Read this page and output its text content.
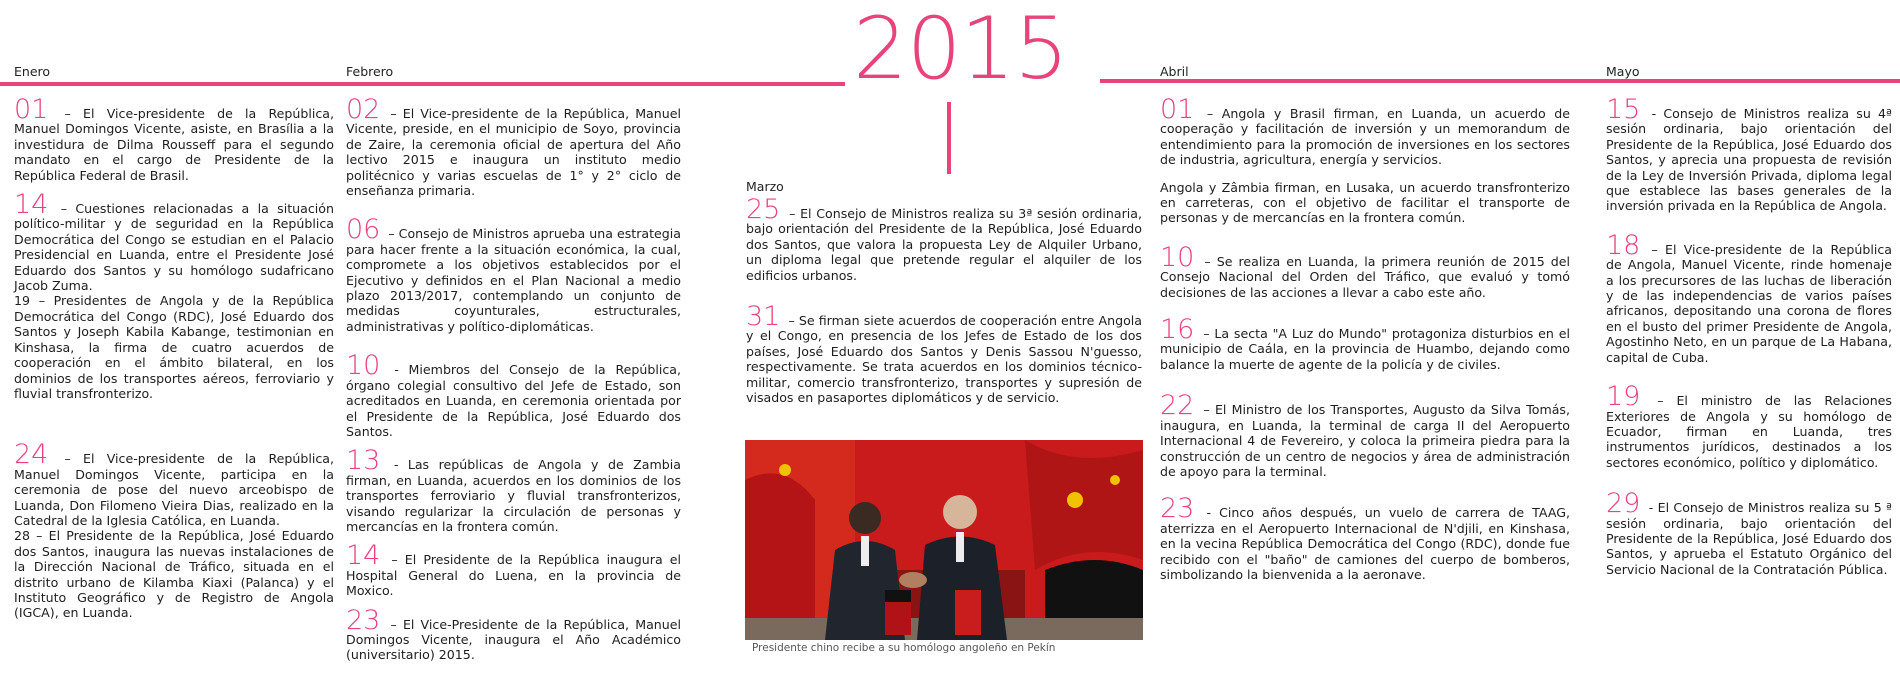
2015
Enero	Febrero
Marzo
Abril	Mayo

01 – El Vice-presidente de la República, Manuel Domingos Vicente, asiste, en Brasília a la investidura de Dilma Rousseff para el segundo mandato en el cargo de Presidente de la República Federal de Brasil.

14 – Cuestiones relacionadas a la situación político-militar y de seguridad en la República Democrática del Congo se estudian en el Palacio Presidencial en Luanda, entre el Presidente José Eduardo dos Santos y su homólogo sudafricano Jacob Zuma.

19 – Presidentes de Angola y de la República Democrática del Congo (RDC), José Eduardo dos Santos y Joseph Kabila Kabange, testimonian en Kinshasa, la firma de cuatro acuerdos de cooperación en el ámbito bilateral, en los dominios de los transportes aéreos, ferroviario y fluvial transfronterizo.

24 – El Vice-presidente de la República, Manuel Domingos Vicente, participa en la ceremonia de pose del nuevo arceobispo de Luanda, Don Filomeno Vieira Dias, realizado en la Catedral de la Iglesia Católica, en Luanda.

28 – El Presidente de la República, José Eduardo dos Santos, inaugura las nuevas instalaciones de la Dirección Nacional de Tráfico, situada en el distrito urbano de Kilamba Kiaxi (Palanca) y el Instituto Geográfico y de Registro de Angola (IGCA), en Luanda.

02 – El Vice-presidente de la República, Manuel Vicente, preside, en el municipio de Soyo, provincia de Zaire, la ceremonia oficial de apertura del Año lectivo 2015 e inaugura un instituto medio politécnico y varias escuelas de 1° y 2° ciclo de enseñanza primaria.

06 – Consejo de Ministros aprueba una estrategia para hacer frente a la situación económica, la cual, compromete a los objetivos establecidos por el Ejecutivo y definidos en el Plan Nacional a medio plazo 2013/2017, contemplando un conjunto de medidas coyunturales, estructurales, administrativas y político-diplomáticas.

10 - Miembros del Consejo de la República, órgano colegial consultivo del Jefe de Estado, son acreditados en Luanda, en ceremonia orientada por el Presidente de la República, José Eduardo dos Santos.

13 - Las repúblicas de Angola y de Zambia firman, en Luanda, acuerdos en los dominios de los transportes ferroviario y fluvial transfronterizos, visando regularizar la circulación de personas y mercancías en la frontera común.

14 – El Presidente de la República inaugura el Hospital General do Luena, en la provincia de Moxico.

23 – El Vice-Presidente de la República, Manuel Domingos Vicente, inaugura el Año Académico (universitario) 2015.

25 – El Consejo de Ministros realiza su 3ª sesión ordinaria, bajo orientación del Presidente de la República, José Eduardo dos Santos, que valora la propuesta Ley de Alquiler Urbano, un diploma legal que pretende regular el alquiler de los edificios urbanos.

31 – Se firman siete acuerdos de cooperación entre Angola y el Congo, en presencia de los Jefes de Estado de los dos países, José Eduardo dos Santos y Denis Sassou N'guesso, respectivamente. Se trata acuerdos en los dominios técnico-militar, comercio transfronterizo, transportes y supresión de visados en pasaportes diplomáticos y de servicio.

Presidente chino recibe a su homólogo angoleño en Pekín

01 – Angola y Brasil firman, en Luanda, un acuerdo de cooperação y facilitación de inversión y un memorandum de entendimiento para la promoción de inversiones en los sectores de industria, agricultura, energía y servicios.

Angola y Zâmbia firman, en Lusaka, un acuerdo transfronterizo en carreteras, con el objetivo de facilitar el transporte de personas y de mercancías en la frontera común.

10 – Se realiza en Luanda, la primera reunión de 2015 del Consejo Nacional del Orden del Tráfico, que evaluó y tomó decisiones de las acciones a llevar a cabo este año.

16 – La secta "A Luz do Mundo" protagoniza disturbios en el municipio de Caála, en la provincia de Huambo, dejando como balance la muerte de agente de la policía y de civiles.

22 – El Ministro de los Transportes, Augusto da Silva Tomás, inaugura, en Luanda, la terminal de carga II del Aeropuerto Internacional 4 de Fevereiro, y coloca la primeira piedra para la construcción de un centro de negocios y área de administración de apoyo para la terminal.

23 - Cinco años después, un vuelo de carrera de TAAG, aterrizza en el Aeropuerto Internacional de N'djili, en Kinshasa, en la vecina República Democrática del Congo (RDC), donde fue recibido con el "baño" de camiones del cuerpo de bomberos, simbolizando la bienvenida a la aeronave.

15 - Consejo de Ministros realiza su 4ª sesión ordinaria, bajo orientación del Presidente de la República, José Eduardo dos Santos, y aprecia una propuesta de revisión de la Ley de Inversión Privada, diploma legal que establece las bases generales de la inversión privada en la República de Angola.

18 – El Vice-presidente de la República de Angola, Manuel Vicente, rinde homenaje a los precursores de las luchas de liberación y de las independencias de varios países africanos, depositando una corona de flores en el busto del primer Presidente de Angola, Agostinho Neto, en un parque de La Habana, capital de Cuba.

19 – El ministro de las Relaciones Exteriores de Angola y su homólogo de Ecuador, firman en Luanda, tres instrumentos jurídicos, destinados a los sectores económico, político y diplomático.

29 - El Consejo de Ministros realiza su 5 ª sesión ordinaria, bajo orientación del Presidente de la República, José Eduardo dos Santos, y aprueba el Estatuto Orgánico del Servicio Nacional de la Contratación Pública.
